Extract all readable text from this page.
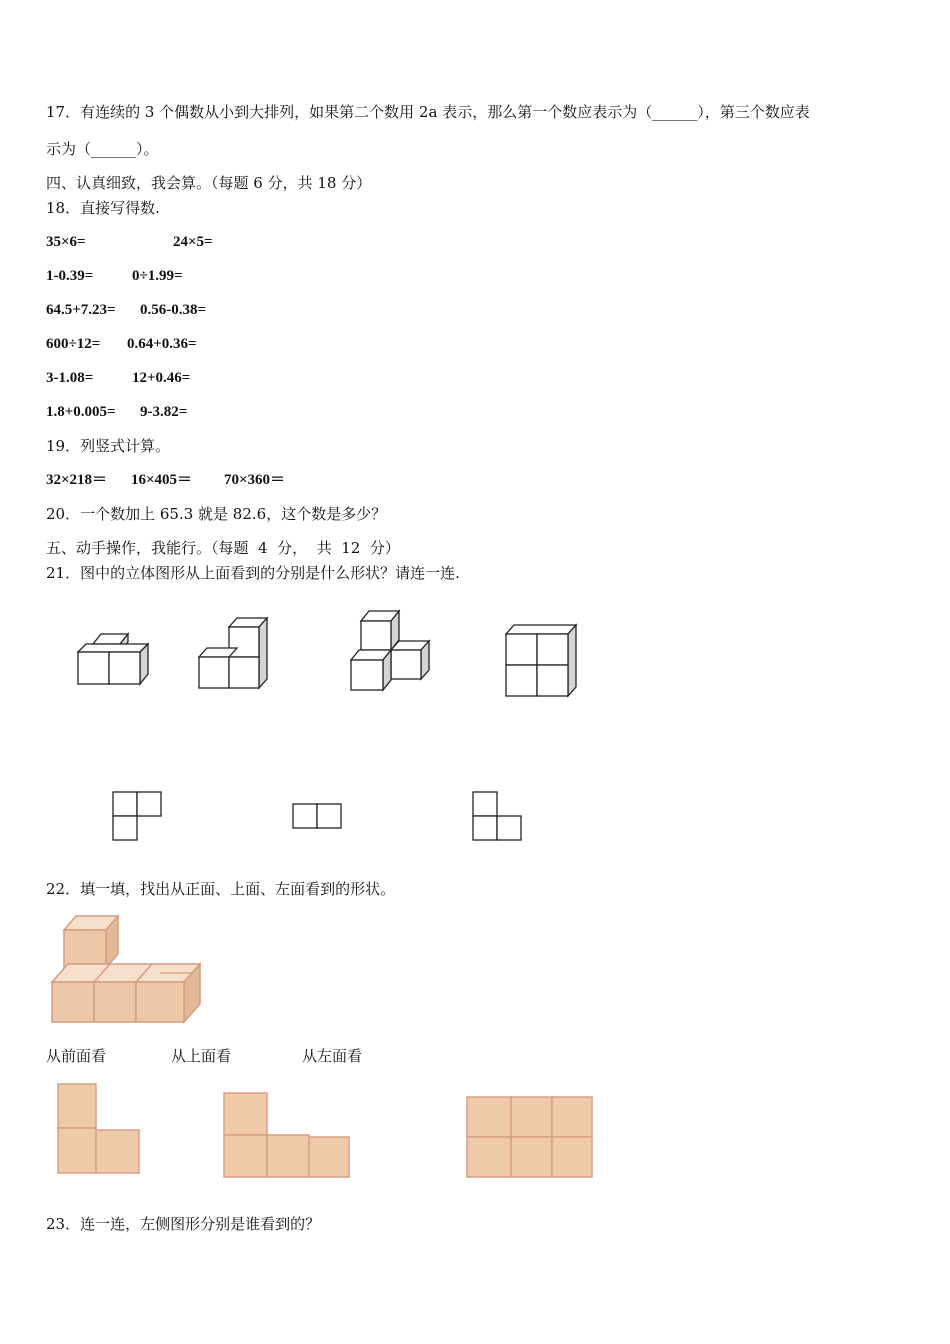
17．有连续的 3 个偶数从小到大排列，如果第二个数用 2a 表示，那么第一个数应表示为（______），第三个数应表
示为（______）。
四、认真细致，我会算。（每题 6 分，共 18 分）
18．直接写得数.
35×6=	24×5=
1-0.39=	0÷1.99=
64.5+7.23= 0.56-0.38=
600÷12= 0.64+0.36=
3-1.08=	12+0.46=
1.8+0.005= 9-3.82=
19．列竖式计算。
32×218＝ 16×405＝ 70×360＝
20．一个数加上 65.3 就是 82.6，这个数是多少？
五、动手操作，我能行。（每题  4  分，  共  12  分）
21．图中的立体图形从上面看到的分别是什么形状？请连一连.
22．填一填，找出从正面、上面、左面看到的形状。
从前面看	从上面看	从左面看
23．连一连，左侧图形分别是谁看到的？
